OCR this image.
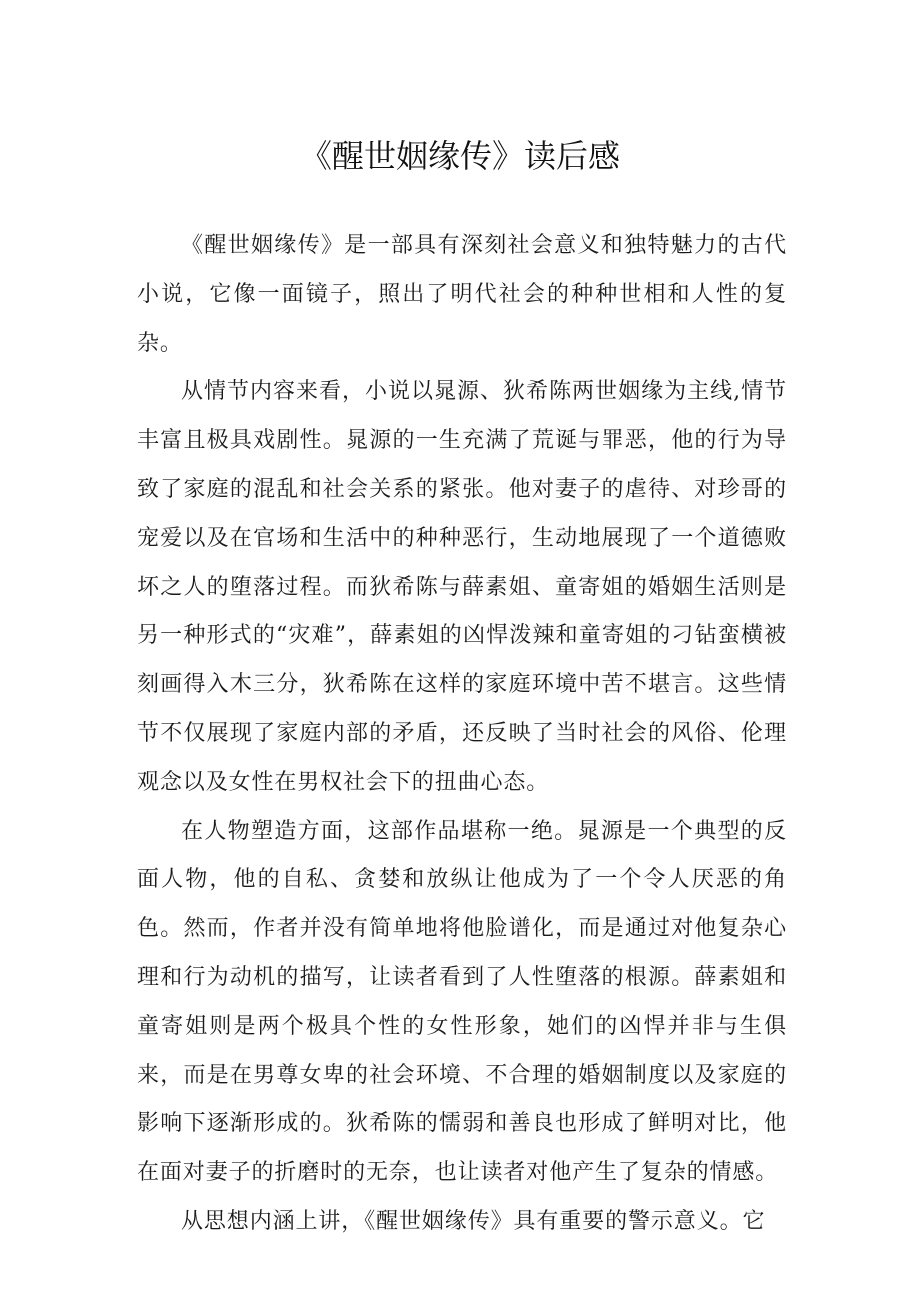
《醒世姻缘传》读后感

《醒世姻缘传》是一部具有深刻社会意义和独特魅力的古代小说，它像一面镜子，照出了明代社会的种种世相和人性的复杂。

从情节内容来看，小说以晁源、狄希陈两世姻缘为主线,情节丰富且极具戏剧性。晁源的一生充满了荒诞与罪恶，他的行为导致了家庭的混乱和社会关系的紧张。他对妻子的虐待、对珍哥的宠爱以及在官场和生活中的种种恶行，生动地展现了一个道德败坏之人的堕落过程。而狄希陈与薛素姐、童寄姐的婚姻生活则是另一种形式的“灾难”，薛素姐的凶悍泼辣和童寄姐的刁钻蛮横被刻画得入木三分，狄希陈在这样的家庭环境中苦不堪言。这些情节不仅展现了家庭内部的矛盾，还反映了当时社会的风俗、伦理观念以及女性在男权社会下的扭曲心态。

在人物塑造方面，这部作品堪称一绝。晁源是一个典型的反面人物，他的自私、贪婪和放纵让他成为了一个令人厌恶的角色。然而，作者并没有简单地将他脸谱化，而是通过对他复杂心理和行为动机的描写，让读者看到了人性堕落的根源。薛素姐和童寄姐则是两个极具个性的女性形象，她们的凶悍并非与生俱来，而是在男尊女卑的社会环境、不合理的婚姻制度以及家庭的影响下逐渐形成的。狄希陈的懦弱和善良也形成了鲜明对比，他在面对妻子的折磨时的无奈，也让读者对他产生了复杂的情感。

从思想内涵上讲，《醒世姻缘传》具有重要的警示意义。它
